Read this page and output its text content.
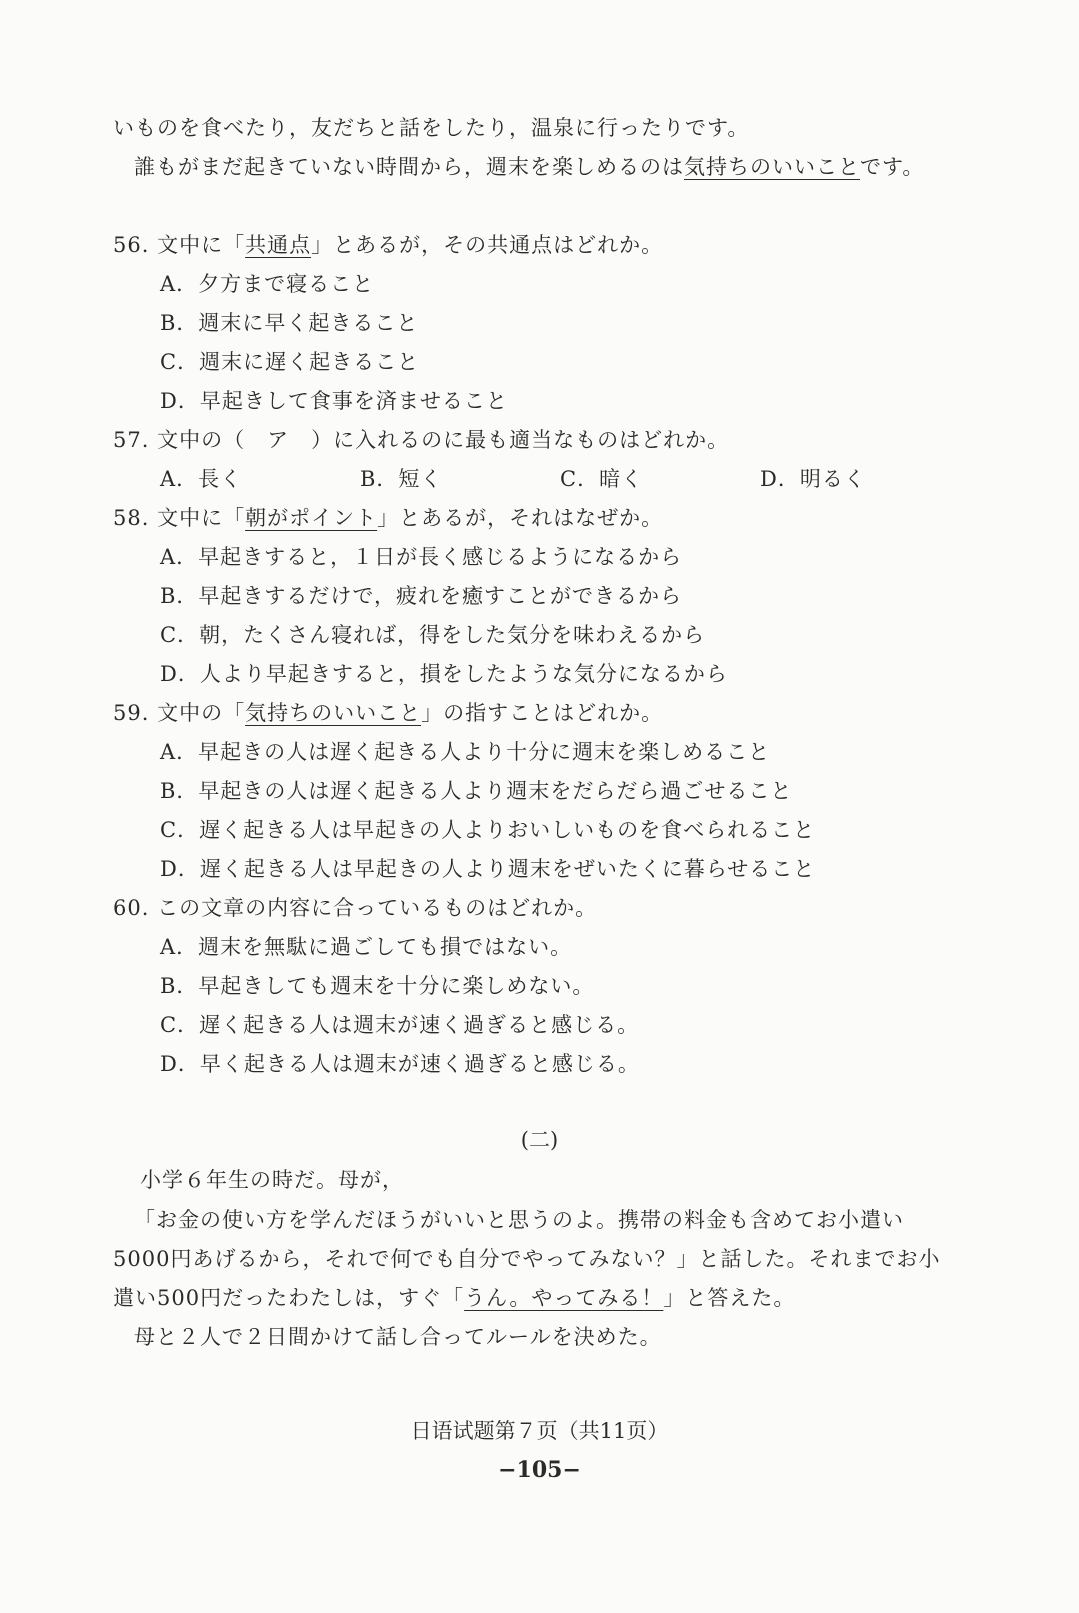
いものを食べたり，友だちと話をしたり，温泉に行ったりです。
誰もがまだ起きていない時間から，週末を楽しめるのは気持ちのいいことです。
56. 文中に「共通点」とあるが，その共通点はどれか。
A．夕方まで寝ること
B．週末に早く起きること
C．週末に遅く起きること
D．早起きして食事を済ませること
57. 文中の（　ア　）に入れるのに最も適当なものはどれか。
A．長く	B．短く	C．暗く	D．明るく
58. 文中に「朝がポイント」とあるが，それはなぜか。
A．早起きすると，１日が長く感じるようになるから
B．早起きするだけで，疲れを癒すことができるから
C．朝，たくさん寝れば，得をした気分を味わえるから
D．人より早起きすると，損をしたような気分になるから
59. 文中の「気持ちのいいこと」の指すことはどれか。
A．早起きの人は遅く起きる人より十分に週末を楽しめること
B．早起きの人は遅く起きる人より週末をだらだら過ごせること
C．遅く起きる人は早起きの人よりおいしいものを食べられること
D．遅く起きる人は早起きの人より週末をぜいたくに暮らせること
60. この文章の内容に合っているものはどれか。
A．週末を無駄に過ごしても損ではない。
B．早起きしても週末を十分に楽しめない。
C．遅く起きる人は週末が速く過ぎると感じる。
D．早く起きる人は週末が速く過ぎると感じる。
(二)
小学６年生の時だ。母が，
「お金の使い方を学んだほうがいいと思うのよ。携帯の料金も含めてお小遣い
5000円あげるから，それで何でも自分でやってみない？」と話した。それまでお小
遣い500円だったわたしは，すぐ「うん。やってみる！」と答えた。
母と２人で２日間かけて話し合ってルールを決めた。
日语试题第７页（共11页）
−105−
